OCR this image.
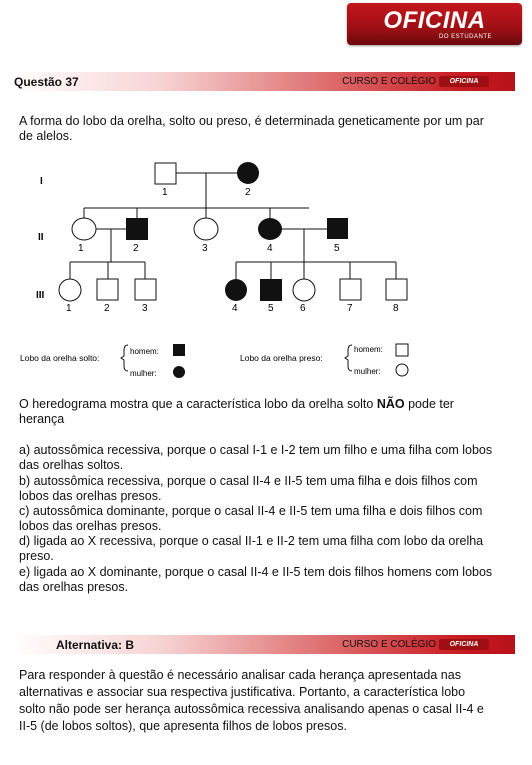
OFICINA
DO ESTUDANTE
Questão 37	CURSO E COLÉGIO	OFICINA
A forma do lobo da orelha, solto ou preso, é determinada geneticamente por um par de alelos.
I
II
III
1	2
1	2	3	4	5
1	2	3	4	5	6	7	8
Lobo da orelha solto:
homem:
mulher:
Lobo da orelha preso:
homem:
mulher:
O heredograma mostra que a característica lobo da orelha solto NÃO pode ter herança
a) autossômica recessiva, porque o casal I-1 e I-2 tem um filho e uma filha com lobos das orelhas soltos.
b) autossômica recessiva, porque o casal II-4 e II-5 tem uma filha e dois filhos com lobos das orelhas presos.
c) autossômica dominante, porque o casal II-4 e II-5 tem uma filha e dois filhos com lobos das orelhas presos.
d) ligada ao X recessiva, porque o casal II-1 e II-2 tem uma filha com lobo da orelha preso.
e) ligada ao X dominante, porque o casal II-4 e II-5 tem dois filhos homens com lobos das orelhas presos.
Alternativa: B	CURSO E COLÉGIO	OFICINA
Para responder à questão é necessário analisar cada herança apresentada nas alternativas e associar sua respectiva justificativa. Portanto, a característica lobo solto não pode ser herança autossômica recessiva analisando apenas o casal II-4 e II-5 (de lobos soltos), que apresenta filhos de lobos presos.
